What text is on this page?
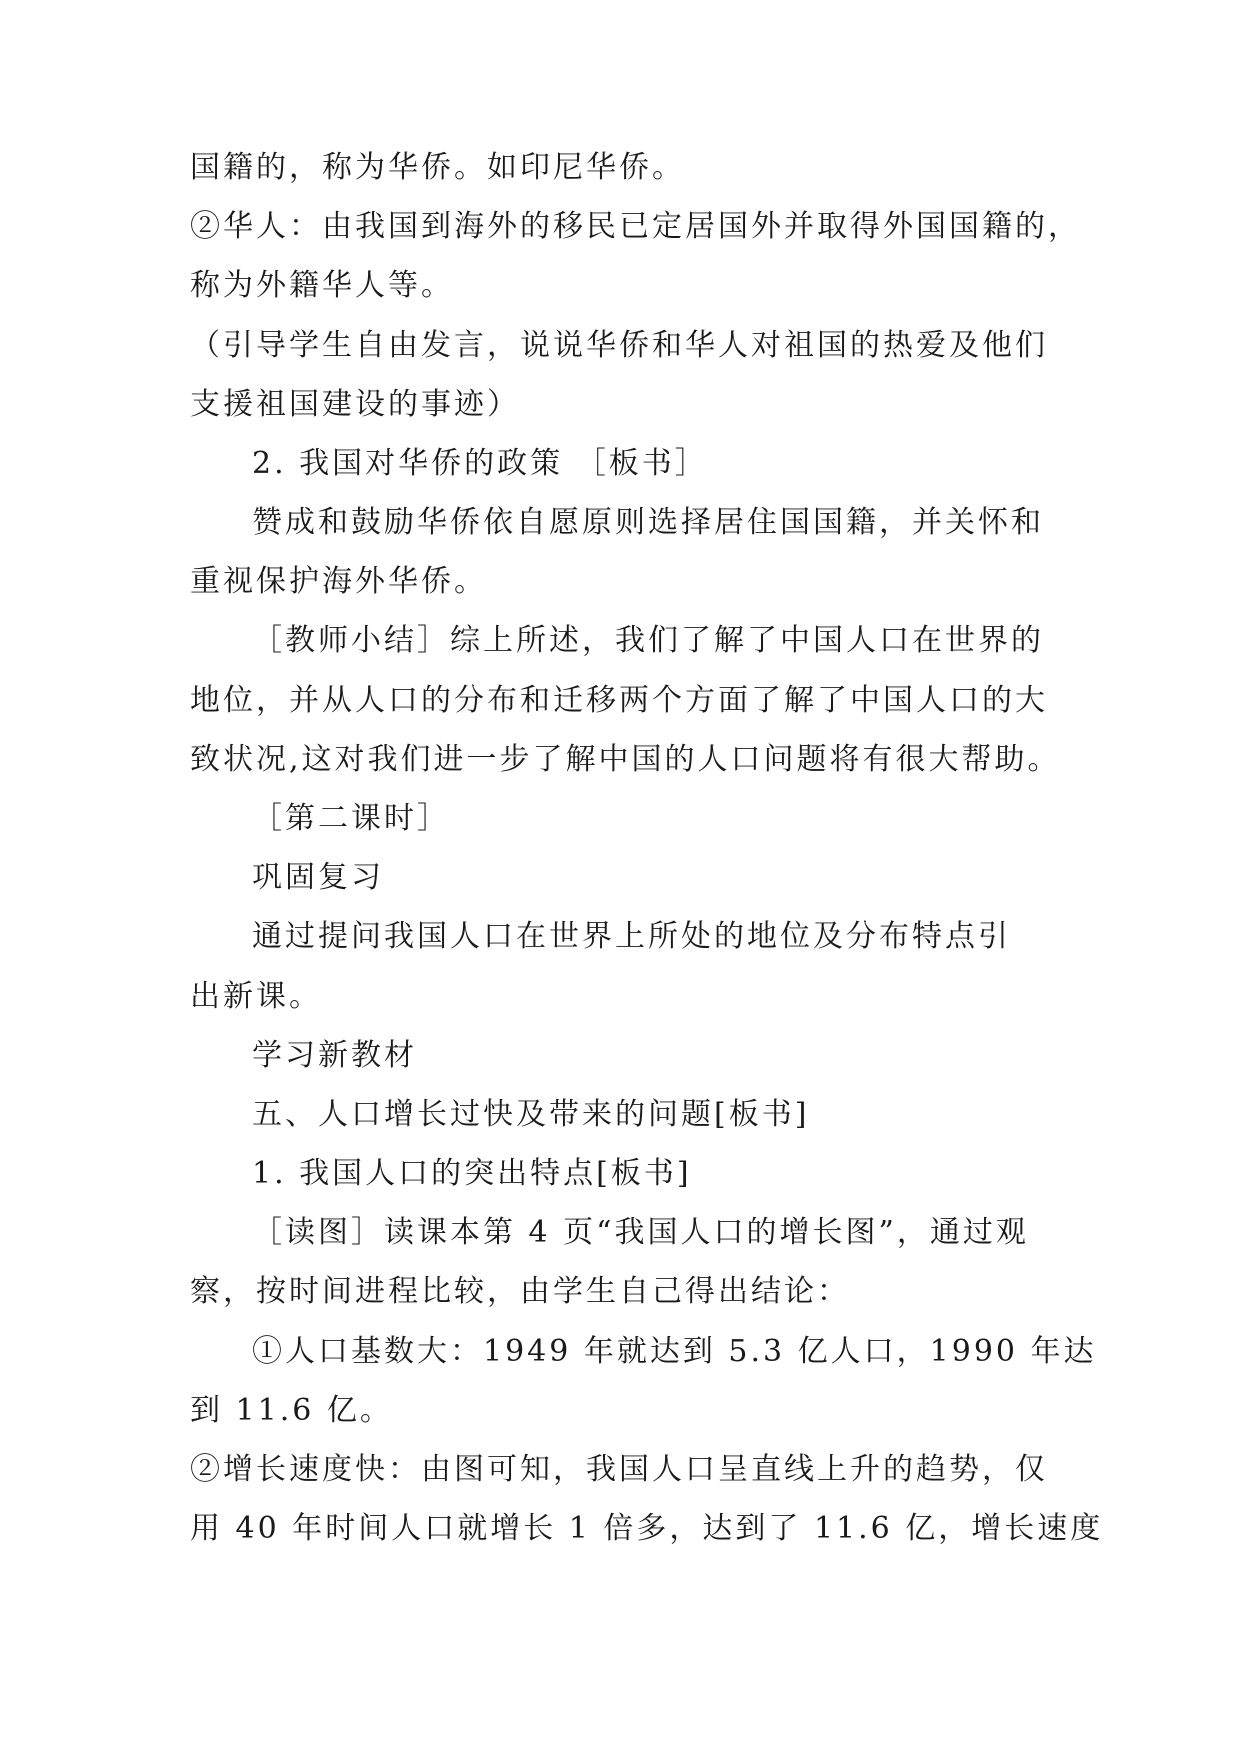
国籍的，称为华侨。如印尼华侨。
②华人：由我国到海外的移民已定居国外并取得外国国籍的，
称为外籍华人等。
（引导学生自由发言，说说华侨和华人对祖国的热爱及他们
支援祖国建设的事迹）
2. 我国对华侨的政策 ［板书］
赞成和鼓励华侨依自愿原则选择居住国国籍，并关怀和
重视保护海外华侨。
［教师小结］综上所述，我们了解了中国人口在世界的
地位，并从人口的分布和迁移两个方面了解了中国人口的大
致状况,这对我们进一步了解中国的人口问题将有很大帮助。
［第二课时］
巩固复习
通过提问我国人口在世界上所处的地位及分布特点引
出新课。
学习新教材
五、人口增长过快及带来的问题[板书]
1. 我国人口的突出特点[板书]
［读图］读课本第 4 页“我国人口的增长图”，通过观
察，按时间进程比较，由学生自己得出结论：
①人口基数大：1949 年就达到 5.3 亿人口，1990 年达
到 11.6 亿。
②增长速度快：由图可知，我国人口呈直线上升的趋势，仅
用 40 年时间人口就增长 1 倍多，达到了 11.6 亿，增长速度
